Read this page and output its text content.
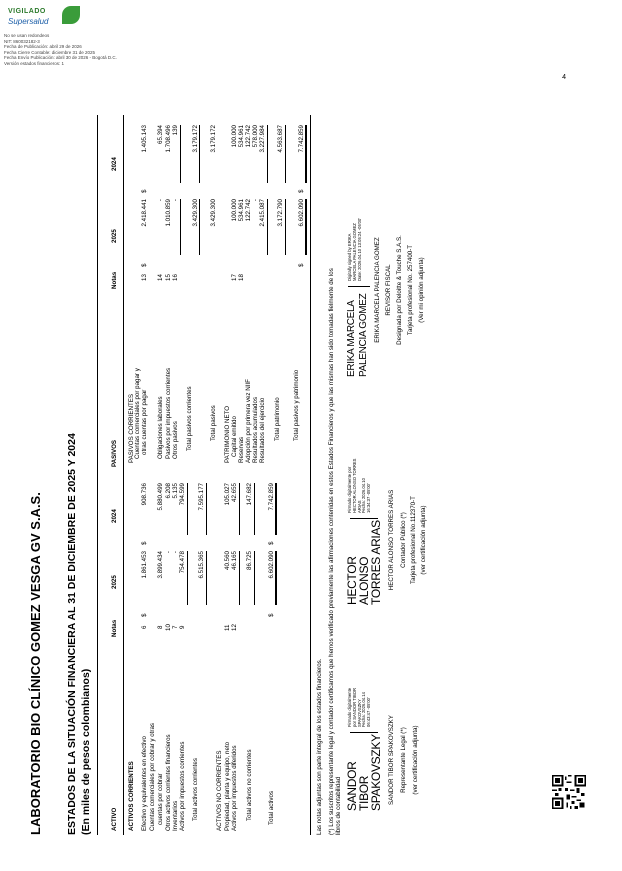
VIGILADO
Supersalud
No se usan redondeos
NIT: 860032182-3
Fecha de Publicación: abril 29 de 2026
Fecha Cierre Contable: diciembre 31 de 2025
Fecha Envío Publicación: abril 30 de 2026 - Bogotá D.C.
Versión estados financieros: 1
LABORATORIO BIO CLÍNICO GOMEZ VESGA GV S.A.S. ESTADOS DE LA SITUACIÓN FINANCIERA AL 31 DE DICIEMBRE DE 2025 Y 2024 (En miles de pesos colombianos)	ACTIVO
Notas
2025
2024
PASIVOS
Notas
2025
2024
ACTIVOS CORRIENTES Efectivo y equivalentes en efectivo
6
$
1.861.453
$
908.736
Cuentas comerciales por cobrar y otras cuentas por cobrar
8
3.899.434
5.880.499
Otros activos corrientes financieros
10
-
6.208
Inventarios
7
-
5.135
Activos por impuestos corrientes
9
754.478
794.599
Total activos corrientes
6.515.365
7.595.177
ACTIVOS NO CORRIENTES Propiedad, planta y equipo, neto
11
40.560
105.027
Activos por impuestos diferidos
12
46.165
42.655
Total activos no corrientes
86.725
147.682
Total activos
$
6.602.090
$
7.742.859
PASIVOS CORRIENTES Cuentas comerciales por pagar y otras cuentas por pagar
13
$
2.418.441
$
1.405.143
Obligaciones laborales
14
-
65.394
Pasivos por impuestos corrientes
15
1.010.859
1.708.496
Otros pasivos
16
-
139
Total pasivos corrientes
3.429.300
3.179.172
Total pasivos
3.429.300
3.179.172
PATRIMONIO NETO Capital emitido
17
100.000
100.000
Reservas
18
534.961
534.961
Adopción por primera vez NIIF
122.742
122.742
Resultados acumulados
-
578.000
Resultados del ejercicio
2.415.087
3.227.984
Total patrimonio
3.172.790
4.563.687
Total pasivos y patrimonio
$
6.602.090
$
7.742.859
Las notas adjuntas son parte integral de los estados financieros. (*) Los suscritos representante legal y contador certificamos que hemos verificado previamente las afirmaciones contenidas en estos Estados Financieros y que las mismas han sido tomadas fielmente de los libros de contabilidad SANDOR
TIBOR
SPAKOVSZKY
Firmado digitalmente por SANDOR TIBOR SPAKOVSZKY Fecha: 2026.04.14 06:43:47 -05'00'
SANDOR TIBOR SPAKOVSZKY Representante Legal (*) (ver certificación adjunta)
HECTOR
ALONSO
TORRES ARIAS
Firmado digitalmente por HECTOR ALONSO TORRES ARIAS Fecha: 2026.04.10 16:34:37 -05'00'	HECTOR ALONSO TORRES ARIAS Contador Público (*) Tarjeta profesional No.112370-T (ver certificación adjunta)
ERIKA MARCELA PALENCIA GOMEZ
Digitally signed by ERIKA MARCELA PALENCIA GOMEZ Date: 2026.04.10 13:05:24 -05'00' ERIKA MARCELA PALENCIA GOMEZ REVISOR FISCAL Designada por Deloitte & Touche S.A.S. Tarjeta profesional No. 257400-T (Ver mi opinión adjunta)
4
